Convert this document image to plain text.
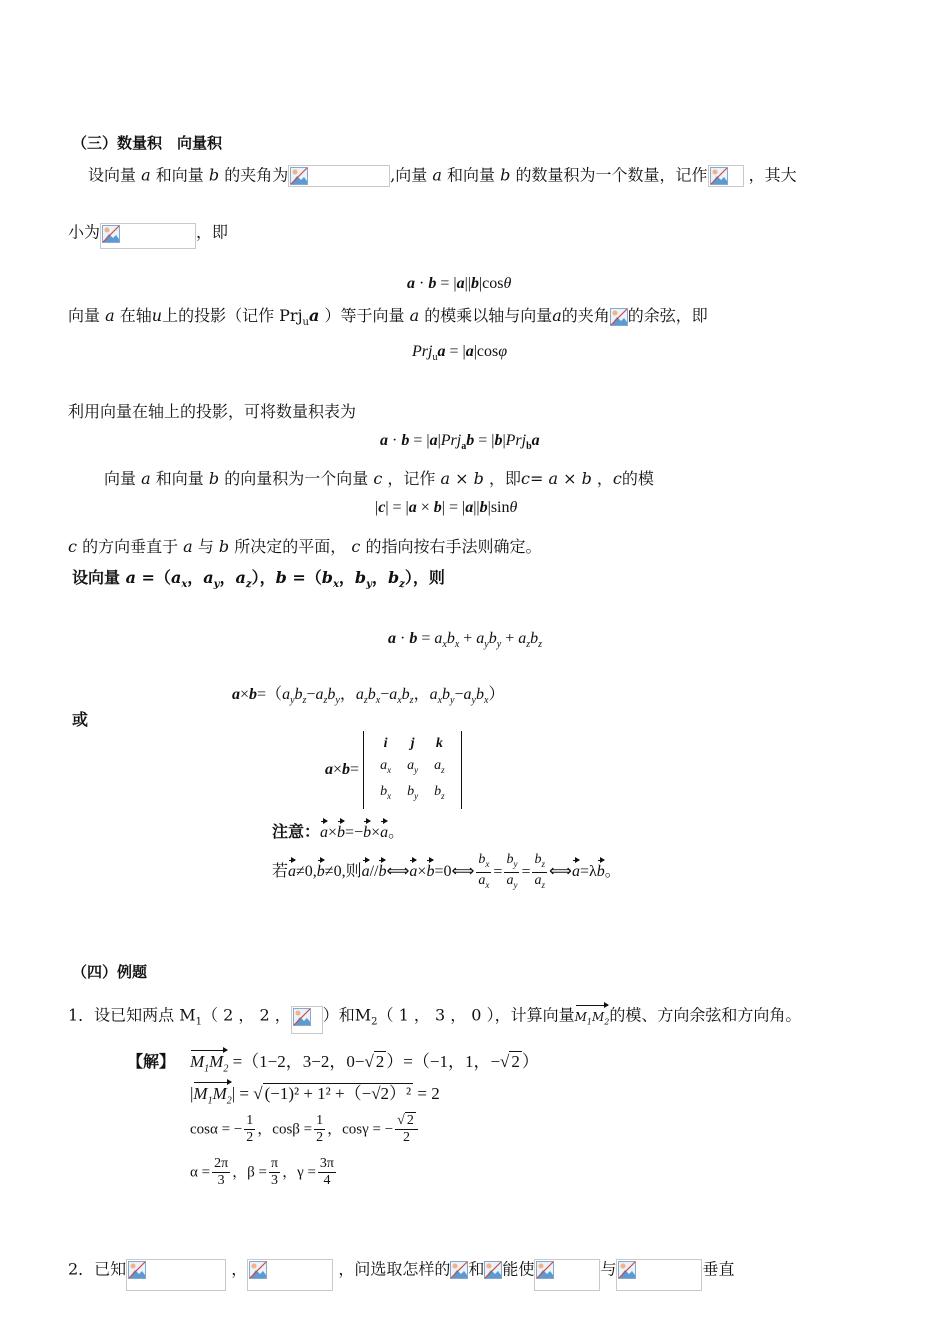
（三）数量积　向量积
设向量 a 和向量 b 的夹角为	,向量 a 和向量 b 的数量积为一个数量，记作	，其大
小为	，即
a · b = |a||b|cosθ
向量 a 在轴u上的投影（记作 Prj$_u$a ）等于向量 a 的模乘以轴与向量a的夹角 的余弦，即
Prj$_u$a = |a|cosφ
利用向量在轴上的投影，可将数量积表为
a · b = |a|Prj$_a$b = |b|Prj$_b$a
向量 a 和向量 b 的向量积为一个向量 c ，记作 a × b ，即c= a × b ，c的模
|c| = |a × b| = |a||b|sinθ
c 的方向垂直于 a 与 b 所决定的平面， c 的指向按右手法则确定。
设向量 $a =(a_x$，$a_y$，$a_z$），$b =(b_x$，$b_y$，$b_z$），则
$a \cdot b = a_xb_x + a_yb_y + a_zb_z$
$a\times b=(a_yb_z-a_zb_y$，$a_zb_x-a_xb_z$，$a_xb_y-a_yb_x$）
或
a×b=
i	j	k
$a_x$	$a_y$	$a_z$
$b_x$	$b_y$	$b_z$
注意：a×b=−b×a。
若a≠0,b≠0,则a//b⟺a×b=0⟺ $\frac{b_x}{a_x} = \frac{b_y}{a_y} = \frac{b_z}{a_z}$ ⟺a=λb。
（四）例题
1．设已知两点 $M_1$（ 2 ， 2 ， ）和$M_2$（ 1 ， 3 ， 0 ），计算向量$M_1M_2$的模、方向余弦和方向角。
【解】 $M_1M_2 =(1-2$，3−2，0−√ 2 ）=（−1，1，−√ 2 ）
$|M_1M_2|$ = √ (−1)² + 1² +（−√2）² = 2
cosα = − $\frac{1}{2}$ ，$\cos\beta = \frac{1}{2}$ ，cosγ = − $\frac{√ 2}{2}$
$\alpha = \frac{2\pi}{3}$ ，$\beta = \frac{\pi}{3}$ ，$\gamma = \frac{3\pi}{4}$
2．已知	，	，问选取怎样的 和 能使	与	垂直
